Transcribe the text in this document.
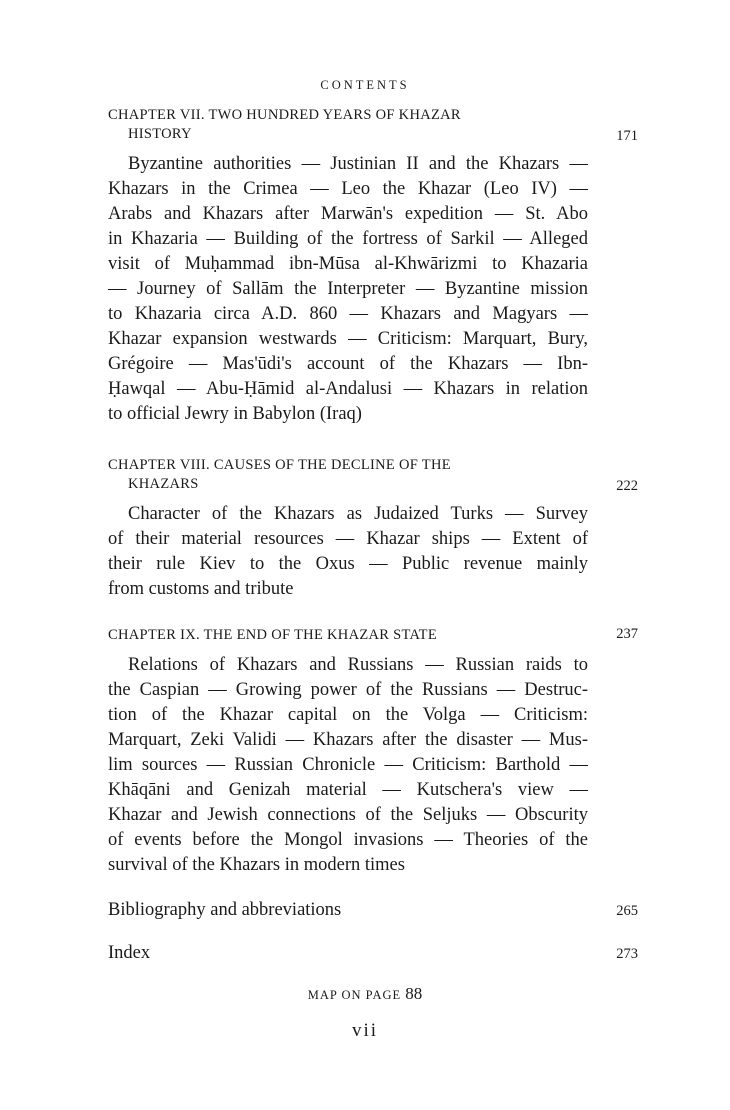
CONTENTS
171
CHAPTER VII. TWO HUNDRED YEARS OF KHAZAR
HISTORY
Byzantine authorities — Justinian II and the Khazars —
Khazars in the Crimea — Leo the Khazar (Leo IV) —
Arabs and Khazars after Marwān's expedition — St. Abo
in Khazaria — Building of the fortress of Sarkil — Alleged
visit of Muḥammad ibn-Mūsa al-Khwārizmi to Khazaria
— Journey of Sallām the Interpreter — Byzantine mission
to Khazaria circa A.D. 860 — Khazars and Magyars —
Khazar expansion westwards — Criticism: Marquart, Bury,
Grégoire — Mas'ūdi's account of the Khazars — Ibn-
Ḥawqal — Abu-Ḥāmid al-Andalusi — Khazars in relation
to official Jewry in Babylon (Iraq)
222
CHAPTER VIII. CAUSES OF THE DECLINE OF THE
KHAZARS
Character of the Khazars as Judaized Turks — Survey
of their material resources — Khazar ships — Extent of
their rule Kiev to the Oxus — Public revenue mainly
from customs and tribute
237
CHAPTER IX. THE END OF THE KHAZAR STATE
Relations of Khazars and Russians — Russian raids to
the Caspian — Growing power of the Russians — Destruc-
tion of the Khazar capital on the Volga — Criticism:
Marquart, Zeki Validi — Khazars after the disaster — Mus-
lim sources — Russian Chronicle — Criticism: Barthold —
Khāqāni and Genizah material — Kutschera's view —
Khazar and Jewish connections of the Seljuks — Obscurity
of events before the Mongol invasions — Theories of the
survival of the Khazars in modern times
Bibliography and abbreviations	265
Index	273
MAP ON PAGE 88
vii
